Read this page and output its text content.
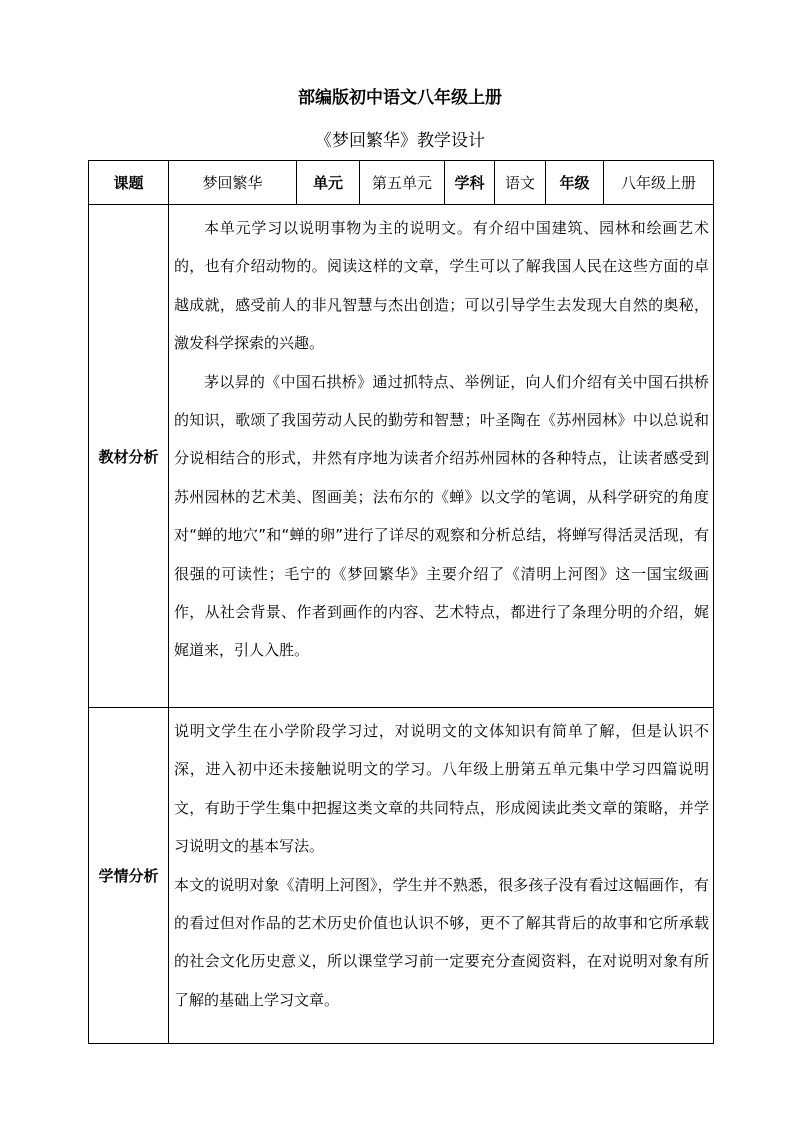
部编版初中语文八年级上册
《梦回繁华》教学设计
课题	梦回繁华	单元	第五单元	学科	语文	年级	八年级上册
教材分析	本单元学习以说明事物为主的说明文。有介绍中国建筑、园林和绘画艺术的，也有介绍动物的。阅读这样的文章，学生可以了解我国人民在这些方面的卓越成就，感受前人的非凡智慧与杰出创造；可以引导学生去发现大自然的奥秘，激发科学探索的兴趣。

茅以昇的《中国石拱桥》通过抓特点、举例证，向人们介绍有关中国石拱桥的知识，歌颂了我国劳动人民的勤劳和智慧；叶圣陶在《苏州园林》中以总说和分说相结合的形式，井然有序地为读者介绍苏州园林的各种特点，让读者感受到苏州园林的艺术美、图画美；法布尔的《蝉》以文学的笔调，从科学研究的角度对“蝉的地穴”和“蝉的卵”进行了详尽的观察和分析总结，将蝉写得活灵活现，有很强的可读性；毛宁的《梦回繁华》主要介绍了《清明上河图》这一国宝级画作，从社会背景、作者到画作的内容、艺术特点，都进行了条理分明的介绍，娓娓道来，引人入胜。						

学情分析	说明文学生在小学阶段学习过，对说明文的文体知识有简单了解，但是认识不深，进入初中还未接触说明文的学习。八年级上册第五单元集中学习四篇说明文，有助于学生集中把握这类文章的共同特点，形成阅读此类文章的策略，并学习说明文的基本写法。

本文的说明对象《清明上河图》，学生并不熟悉，很多孩子没有看过这幅画作，有的看过但对作品的艺术历史价值也认识不够，更不了解其背后的故事和它所承载的社会文化历史意义，所以课堂学习前一定要充分查阅资料，在对说明对象有所了解的基础上学习文章。						
